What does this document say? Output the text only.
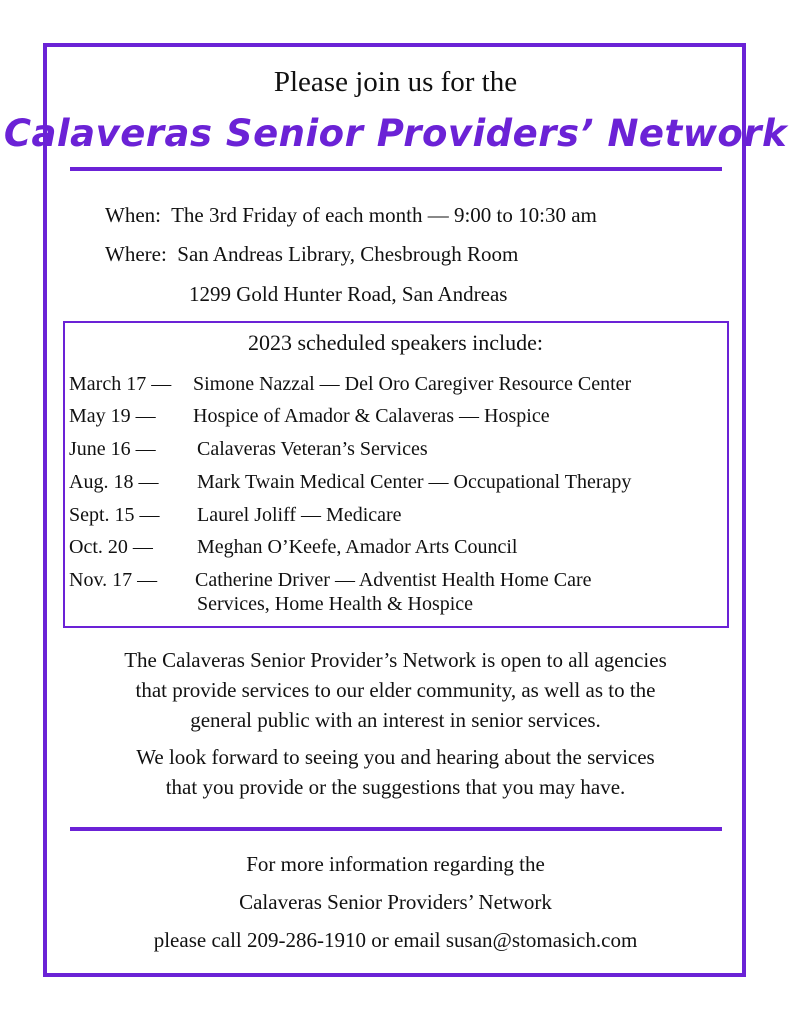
Please join us for the
Calaveras Senior Providers’ Network
When: The 3rd Friday of each month — 9:00 to 10:30 am
Where: San Andreas Library, Chesbrough Room
1299 Gold Hunter Road, San Andreas
2023 scheduled speakers include:
March 17 — Simone Nazzal — Del Oro Caregiver Resource Center
May 19 — Hospice of Amador & Calaveras — Hospice
June 16 — Calaveras Veteran’s Services
Aug. 18 — Mark Twain Medical Center — Occupational Therapy
Sept. 15 — Laurel Joliff — Medicare
Oct. 20 — Meghan O’Keefe, Amador Arts Council
Nov. 17 — Catherine Driver — Adventist Health Home Care
Services, Home Health & Hospice
The Calaveras Senior Provider’s Network is open to all agencies
that provide services to our elder community, as well as to the
general public with an interest in senior services.
We look forward to seeing you and hearing about the services
that you provide or the suggestions that you may have.
For more information regarding the
Calaveras Senior Providers’ Network
please call 209-286-1910 or email susan@stomasich.com
